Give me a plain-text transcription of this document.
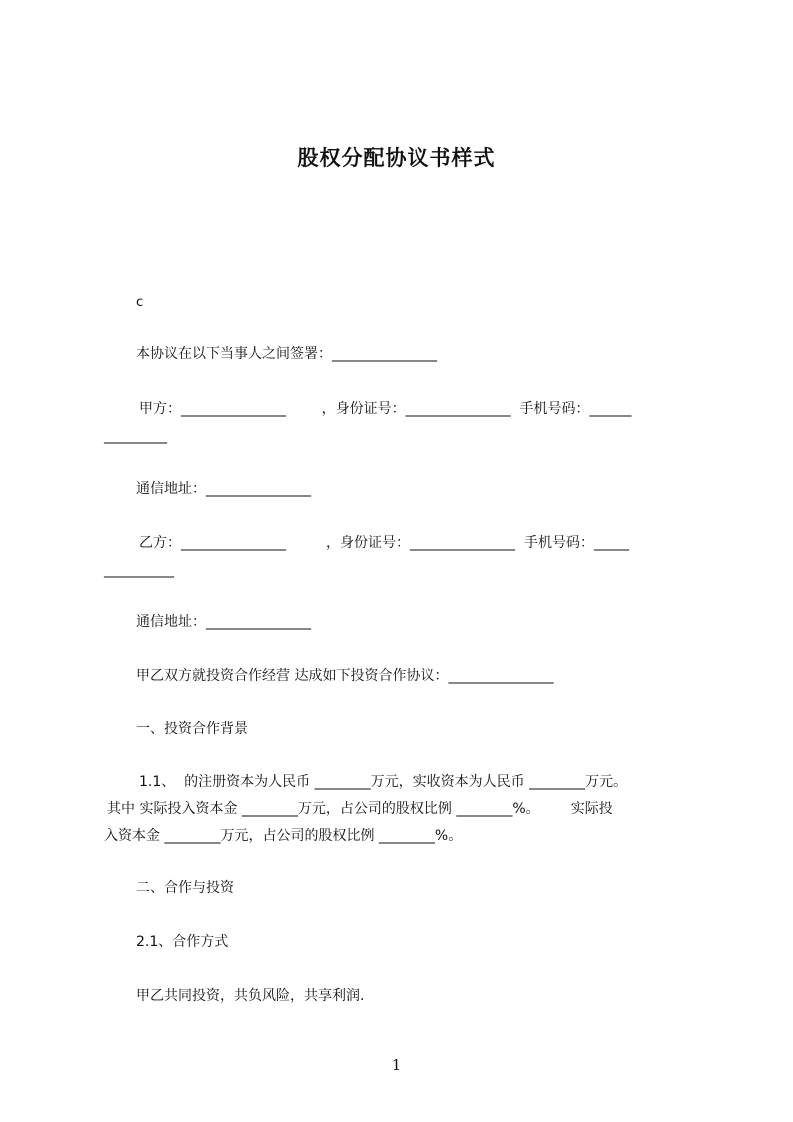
股权分配协议书样式

c

本协议在以下当事人之间签署：_______________

甲方：_______________        ，身份证号：_______________  手机号码：______

_________

通信地址：_______________

乙方：_______________         ，身份证号：_______________  手机号码：_____

__________

通信地址：_______________

甲乙双方就投资合作经营 达成如下投资合作协议：_______________

一、投资合作背景

1.1、  的注册资本为人民币 ________万元，实收资本为人民币 ________万元。

其中 实际投入资本金 ________万元，占公司的股权比例 ________%。       实际投

入资本金 ________万元，占公司的股权比例 ________%。

二、合作与投资

2.1、合作方式

甲乙共同投资，共负风险，共享利润.

1
